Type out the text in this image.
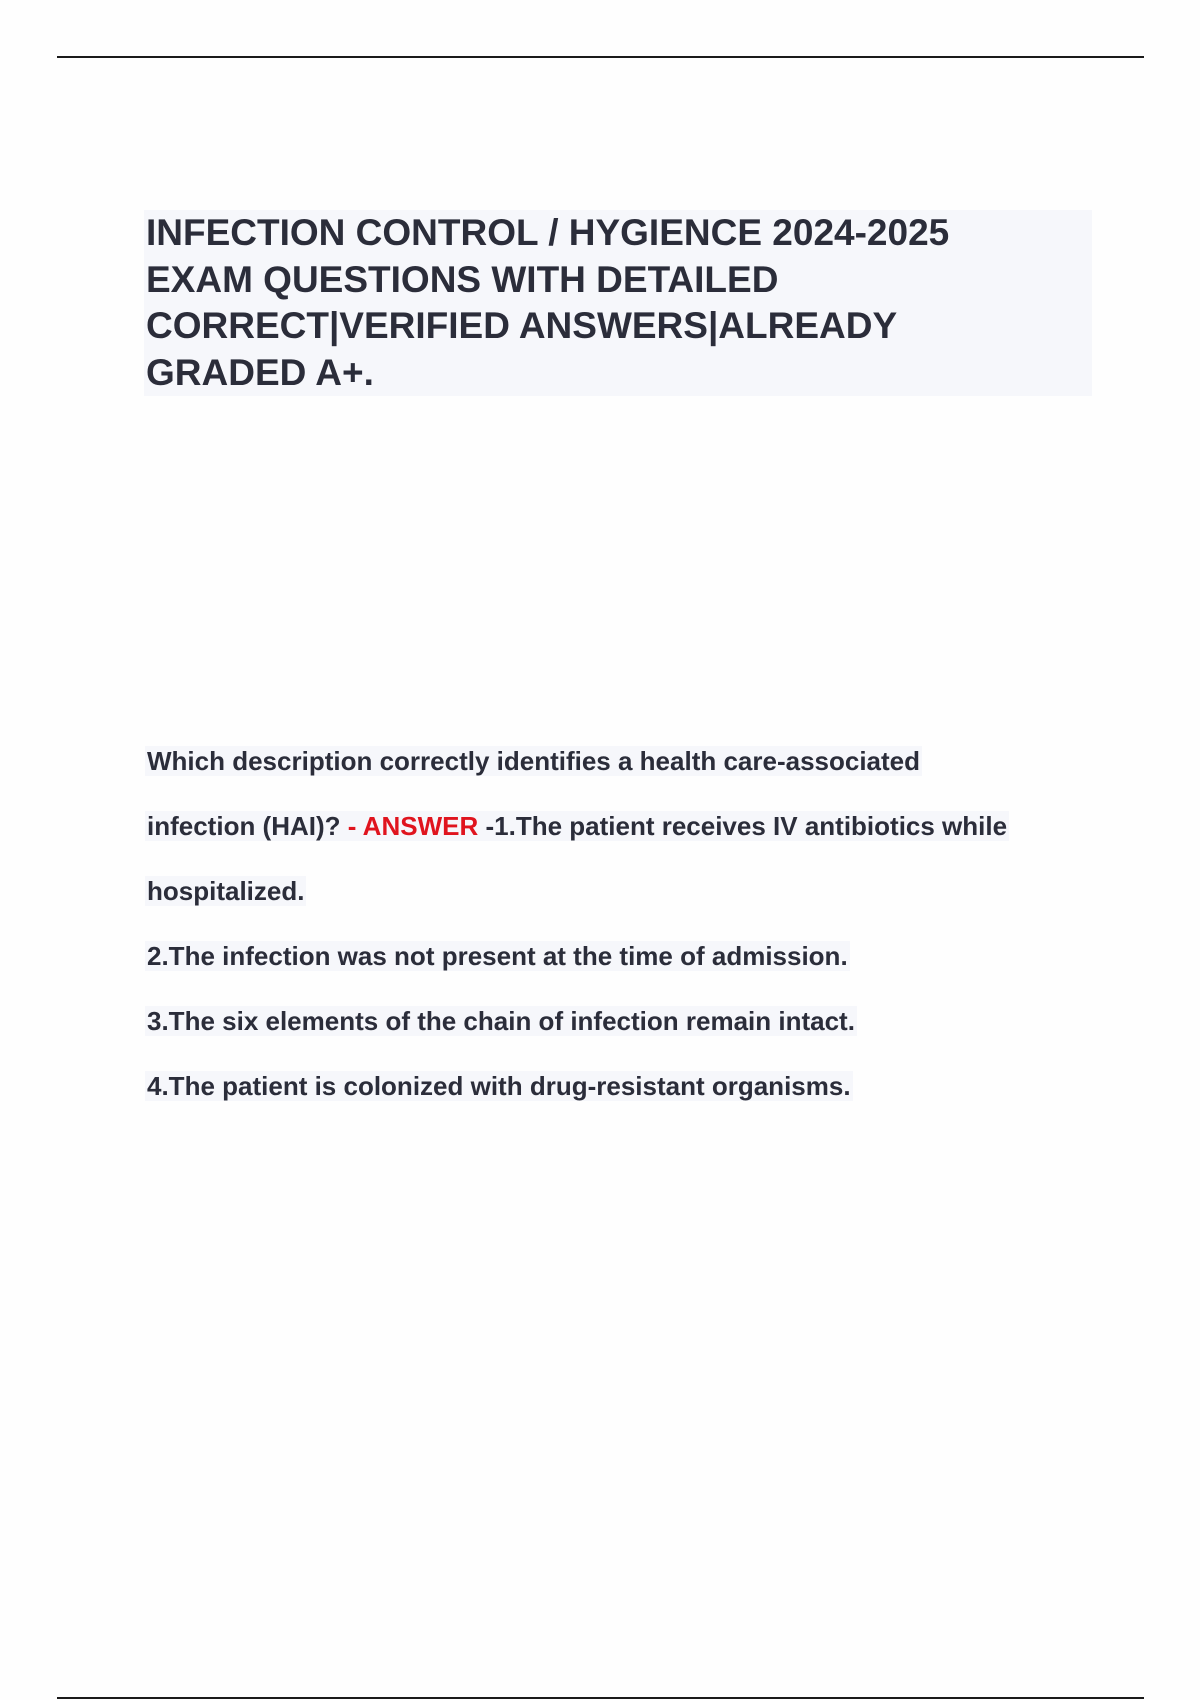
INFECTION CONTROL / HYGIENCE 2024-2025
EXAM QUESTIONS WITH DETAILED
CORRECT|VERIFIED ANSWERS|ALREADY
GRADED A+.
Which description correctly identifies a health care-associated
infection (HAI)? - ANSWER -1.The patient receives IV antibiotics while
hospitalized.
2.The infection was not present at the time of admission.
3.The six elements of the chain of infection remain intact.
4.The patient is colonized with drug-resistant organisms.
